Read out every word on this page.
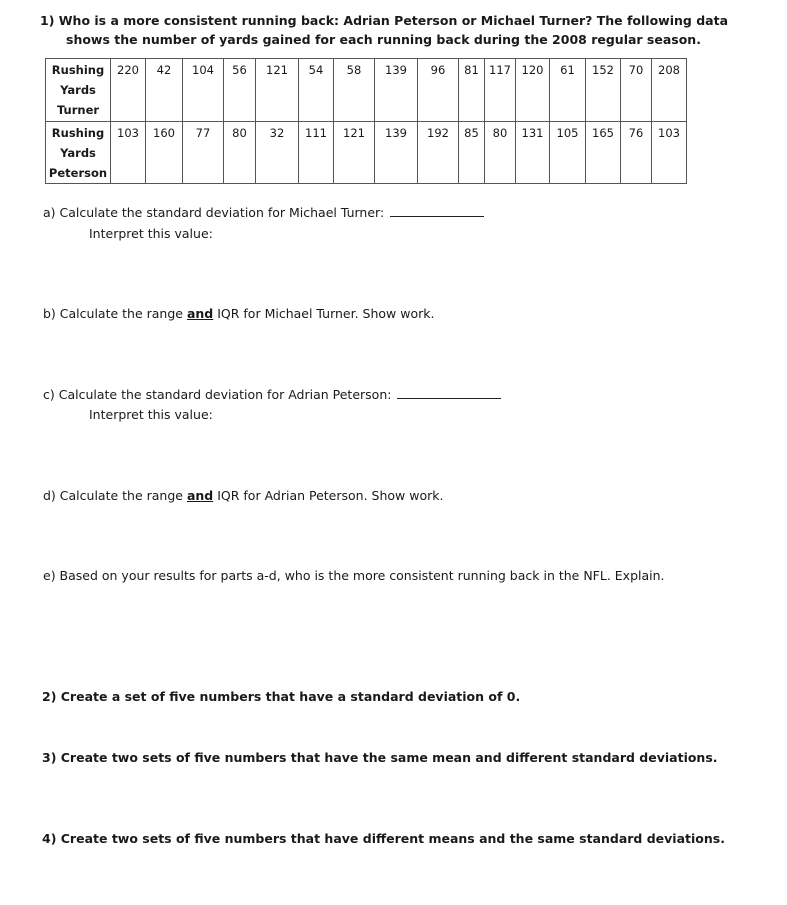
1) Who is a more consistent running back: Adrian Peterson or Michael Turner? The following data
shows the number of yards gained for each running back during the 2008 regular season.
Rushing
Yards
Turner	220	42	104	56	121	54	58	139	96	81	117	120	61	152	70	208

Rushing
Yards
Peterson	103	160	77	80	32	111	121	139	192	85	80	131	105	165	76	103
a) Calculate the standard deviation for Michael Turner:
Interpret this value:
b) Calculate the range and IQR for Michael Turner. Show work.
c) Calculate the standard deviation for Adrian Peterson:
Interpret this value:
d) Calculate the range and IQR for Adrian Peterson. Show work.
e) Based on your results for parts a-d, who is the more consistent running back in the NFL. Explain.
2) Create a set of five numbers that have a standard deviation of 0.
3) Create two sets of five numbers that have the same mean and different standard deviations.
4) Create two sets of five numbers that have different means and the same standard deviations.
